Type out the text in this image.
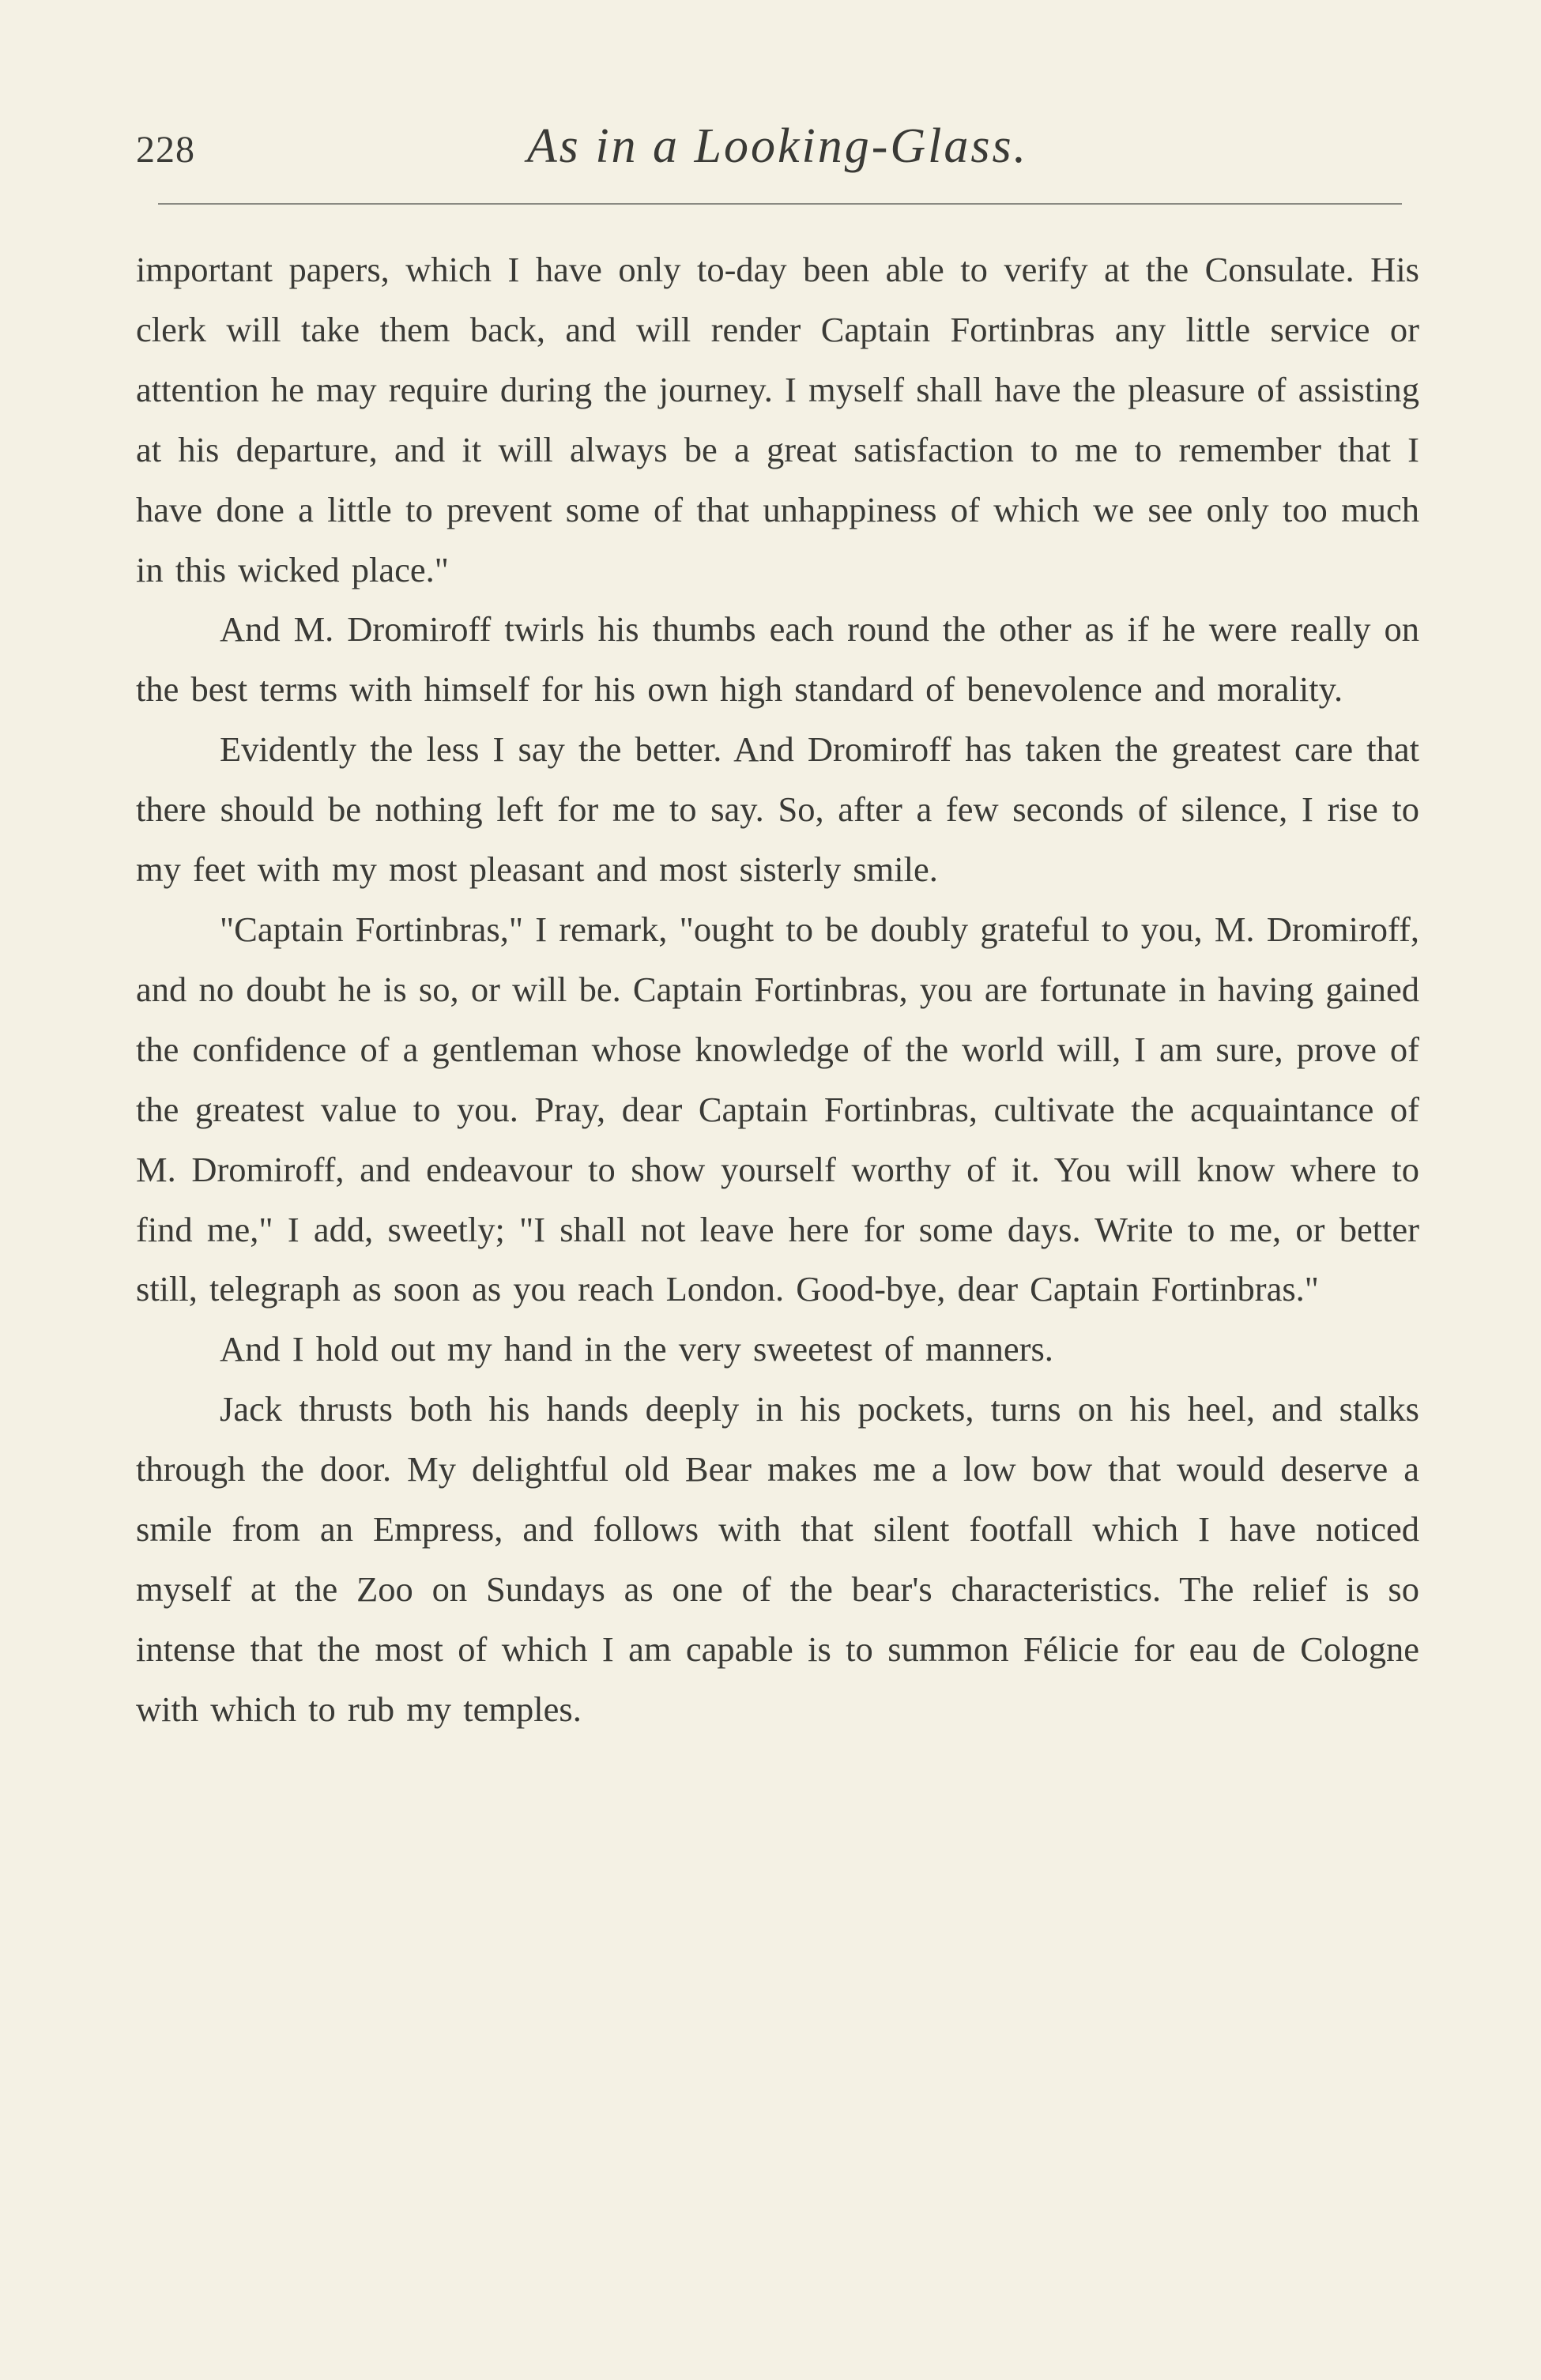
228	As in a Looking-Glass.

important papers, which I have only to-day been able to verify at the Consulate. His clerk will take them back, and will render Captain Fortinbras any little service or attention he may require during the journey. I myself shall have the pleasure of assisting at his departure, and it will always be a great satisfaction to me to remember that I have done a little to prevent some of that unhappiness of which we see only too much in this wicked place."

And M. Dromiroff twirls his thumbs each round the other as if he were really on the best terms with himself for his own high standard of benevolence and morality.

Evidently the less I say the better. And Dromiroff has taken the greatest care that there should be nothing left for me to say. So, after a few seconds of silence, I rise to my feet with my most pleasant and most sisterly smile.

"Captain Fortinbras," I remark, "ought to be doubly grateful to you, M. Dromiroff, and no doubt he is so, or will be. Captain Fortinbras, you are fortunate in having gained the confidence of a gentleman whose knowledge of the world will, I am sure, prove of the greatest value to you. Pray, dear Captain Fortinbras, cultivate the acquaintance of M. Dromiroff, and endeavour to show yourself worthy of it. You will know where to find me," I add, sweetly; "I shall not leave here for some days. Write to me, or better still, telegraph as soon as you reach London. Good-bye, dear Captain Fortinbras."

And I hold out my hand in the very sweetest of manners.

Jack thrusts both his hands deeply in his pockets, turns on his heel, and stalks through the door. My delightful old Bear makes me a low bow that would deserve a smile from an Empress, and follows with that silent footfall which I have noticed myself at the Zoo on Sundays as one of the bear's characteristics. The relief is so intense that the most of which I am capable is to summon Félicie for eau de Cologne with which to rub my temples.
